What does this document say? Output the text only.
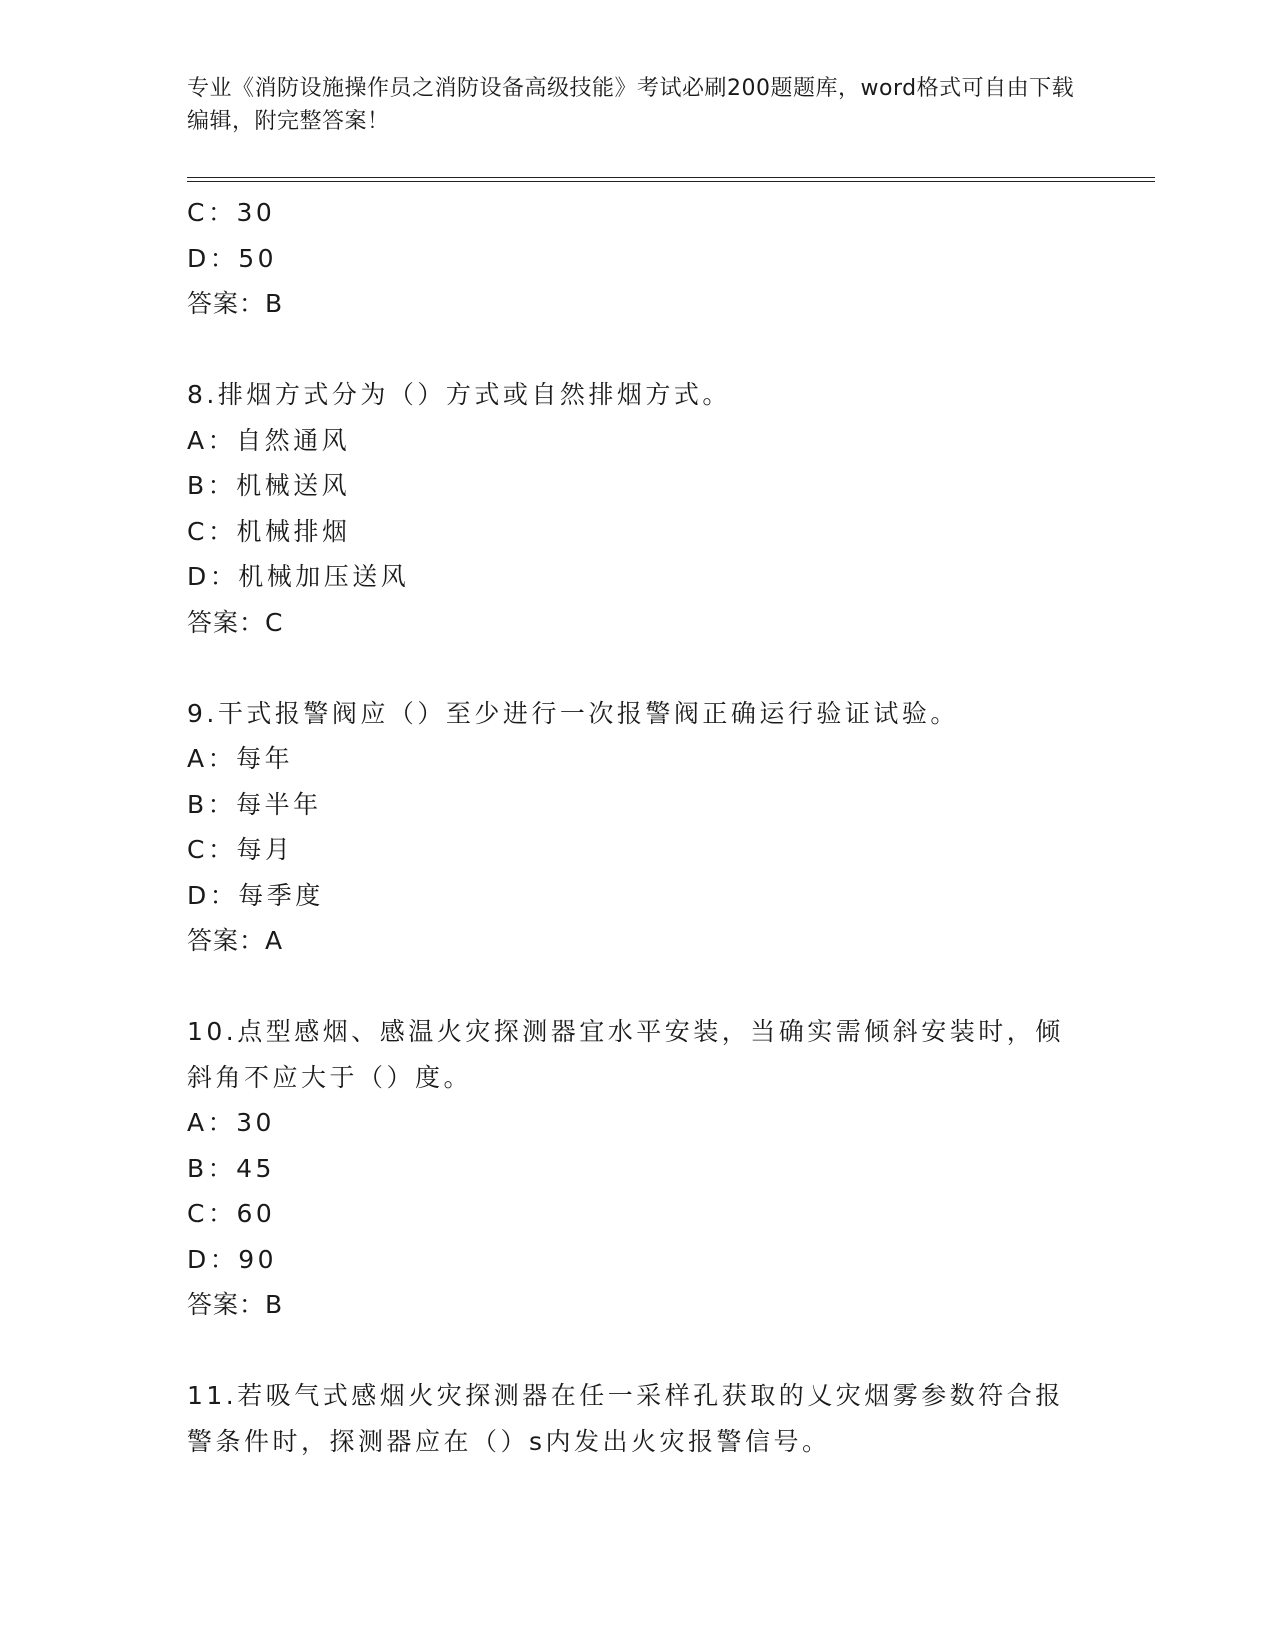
专业《消防设施操作员之消防设备高级技能》考试必刷200题题库，word格式可自由下载编辑，附完整答案！
C：30
D：50
答案：B
8.排烟方式分为（）方式或自然排烟方式。
A：自然通风
B：机械送风
C：机械排烟
D：机械加压送风
答案：C
9.干式报警阀应（）至少进行一次报警阀正确运行验证试验。
A：每年
B：每半年
C：每月
D：每季度
答案：A
10.点型感烟、感温火灾探测器宜水平安装，当确实需倾斜安装时，倾斜角不应大于（）度。
A：30
B：45
C：60
D：90
答案：B
11.若吸气式感烟火灾探测器在任一采样孔获取的乂灾烟雾参数符合报警条件时，探测器应在（）s内发出火灾报警信号。
